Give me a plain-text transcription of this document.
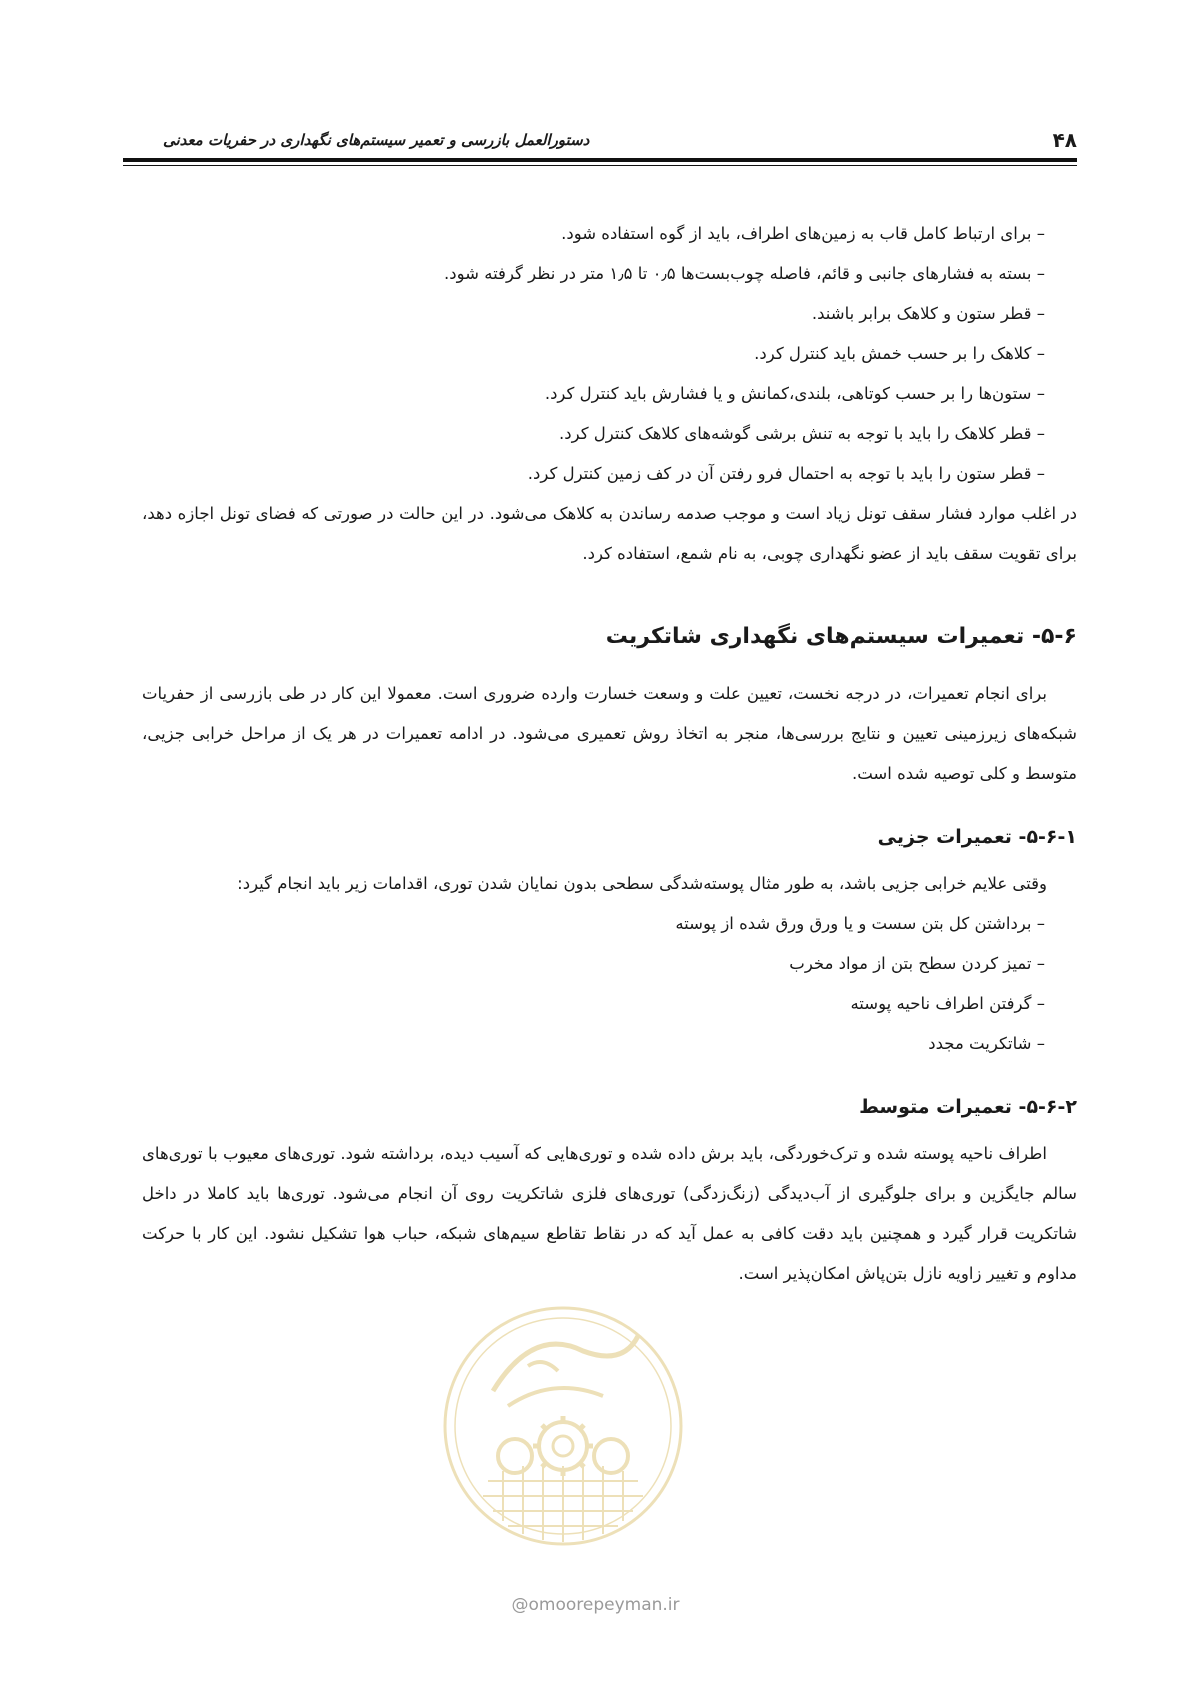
۴۸
دستورالعمل بازرسی و تعمیر سیستم‌های نگهداری در حفریات معدنی
– برای ارتباط کامل قاب به زمین‌های اطراف، باید از گوه استفاده شود.
– بسته به فشارهای جانبی و قائم، فاصله چوب‌بست‌ها ۰٫۵ تا ۱٫۵ متر در نظر گرفته شود.
– قطر ستون و کلاهک برابر باشند.
– کلاهک را بر حسب خمش باید کنترل کرد.
– ستون‌ها را بر حسب کوتاهی، بلندی،کمانش و یا فشارش باید کنترل کرد.
– قطر کلاهک را باید با توجه به تنش برشی گوشه‌های کلاهک کنترل کرد.
– قطر ستون را باید با توجه به احتمال فرو رفتن آن در کف زمین کنترل کرد.

در اغلب موارد فشار سقف تونل زیاد است و موجب صدمه رساندن به کلاهک می‌شود. در این حالت در صورتی که فضای تونل اجازه دهد، برای تقویت سقف باید از عضو نگهداری چوبی، به نام شمع، استفاده کرد.

۵-۶- تعمیرات سیستم‌های نگهداری شاتکریت

برای انجام تعمیرات، در درجه نخست، تعیین علت و وسعت خسارت وارده ضروری است. معمولا این کار در طی بازرسی از حفریات شبکه‌های زیرزمینی تعیین و نتایج بررسی‌ها، منجر به اتخاذ روش تعمیری می‌شود. در ادامه تعمیرات در هر یک از مراحل خرابی جزیی، متوسط و کلی توصیه شده است.

۵-۶-۱- تعمیرات جزیی

وقتی علایم خرابی جزیی باشد، به طور مثال پوسته‌شدگی سطحی بدون نمایان شدن توری، اقدامات زیر باید انجام گیرد:

– برداشتن کل بتن سست و یا ورق ورق شده از پوسته
– تمیز کردن سطح بتن از مواد مخرب
– گرفتن اطراف ناحیه پوسته
– شاتکریت مجدد
۵-۶-۲- تعمیرات متوسط

اطراف ناحیه پوسته شده و ترک‌خوردگی، باید برش داده شده و توری‌هایی که آسیب دیده، برداشته شود. توری‌های معیوب با توری‌های سالم جایگزین و برای جلوگیری از آب‌دیدگی (زنگ‌زدگی) توری‌های فلزی شاتکریت روی آن انجام می‌شود. توری‌ها باید کاملا در داخل شاتکریت قرار گیرد و همچنین باید دقت کافی به عمل آید که در نقاط تقاطع سیم‌های شبکه، حباب هوا تشکیل نشود. این کار با حرکت مداوم و تغییر زاویه نازل بتن‌پاش امکان‌پذیر است.

@omoorepeyman.ir
